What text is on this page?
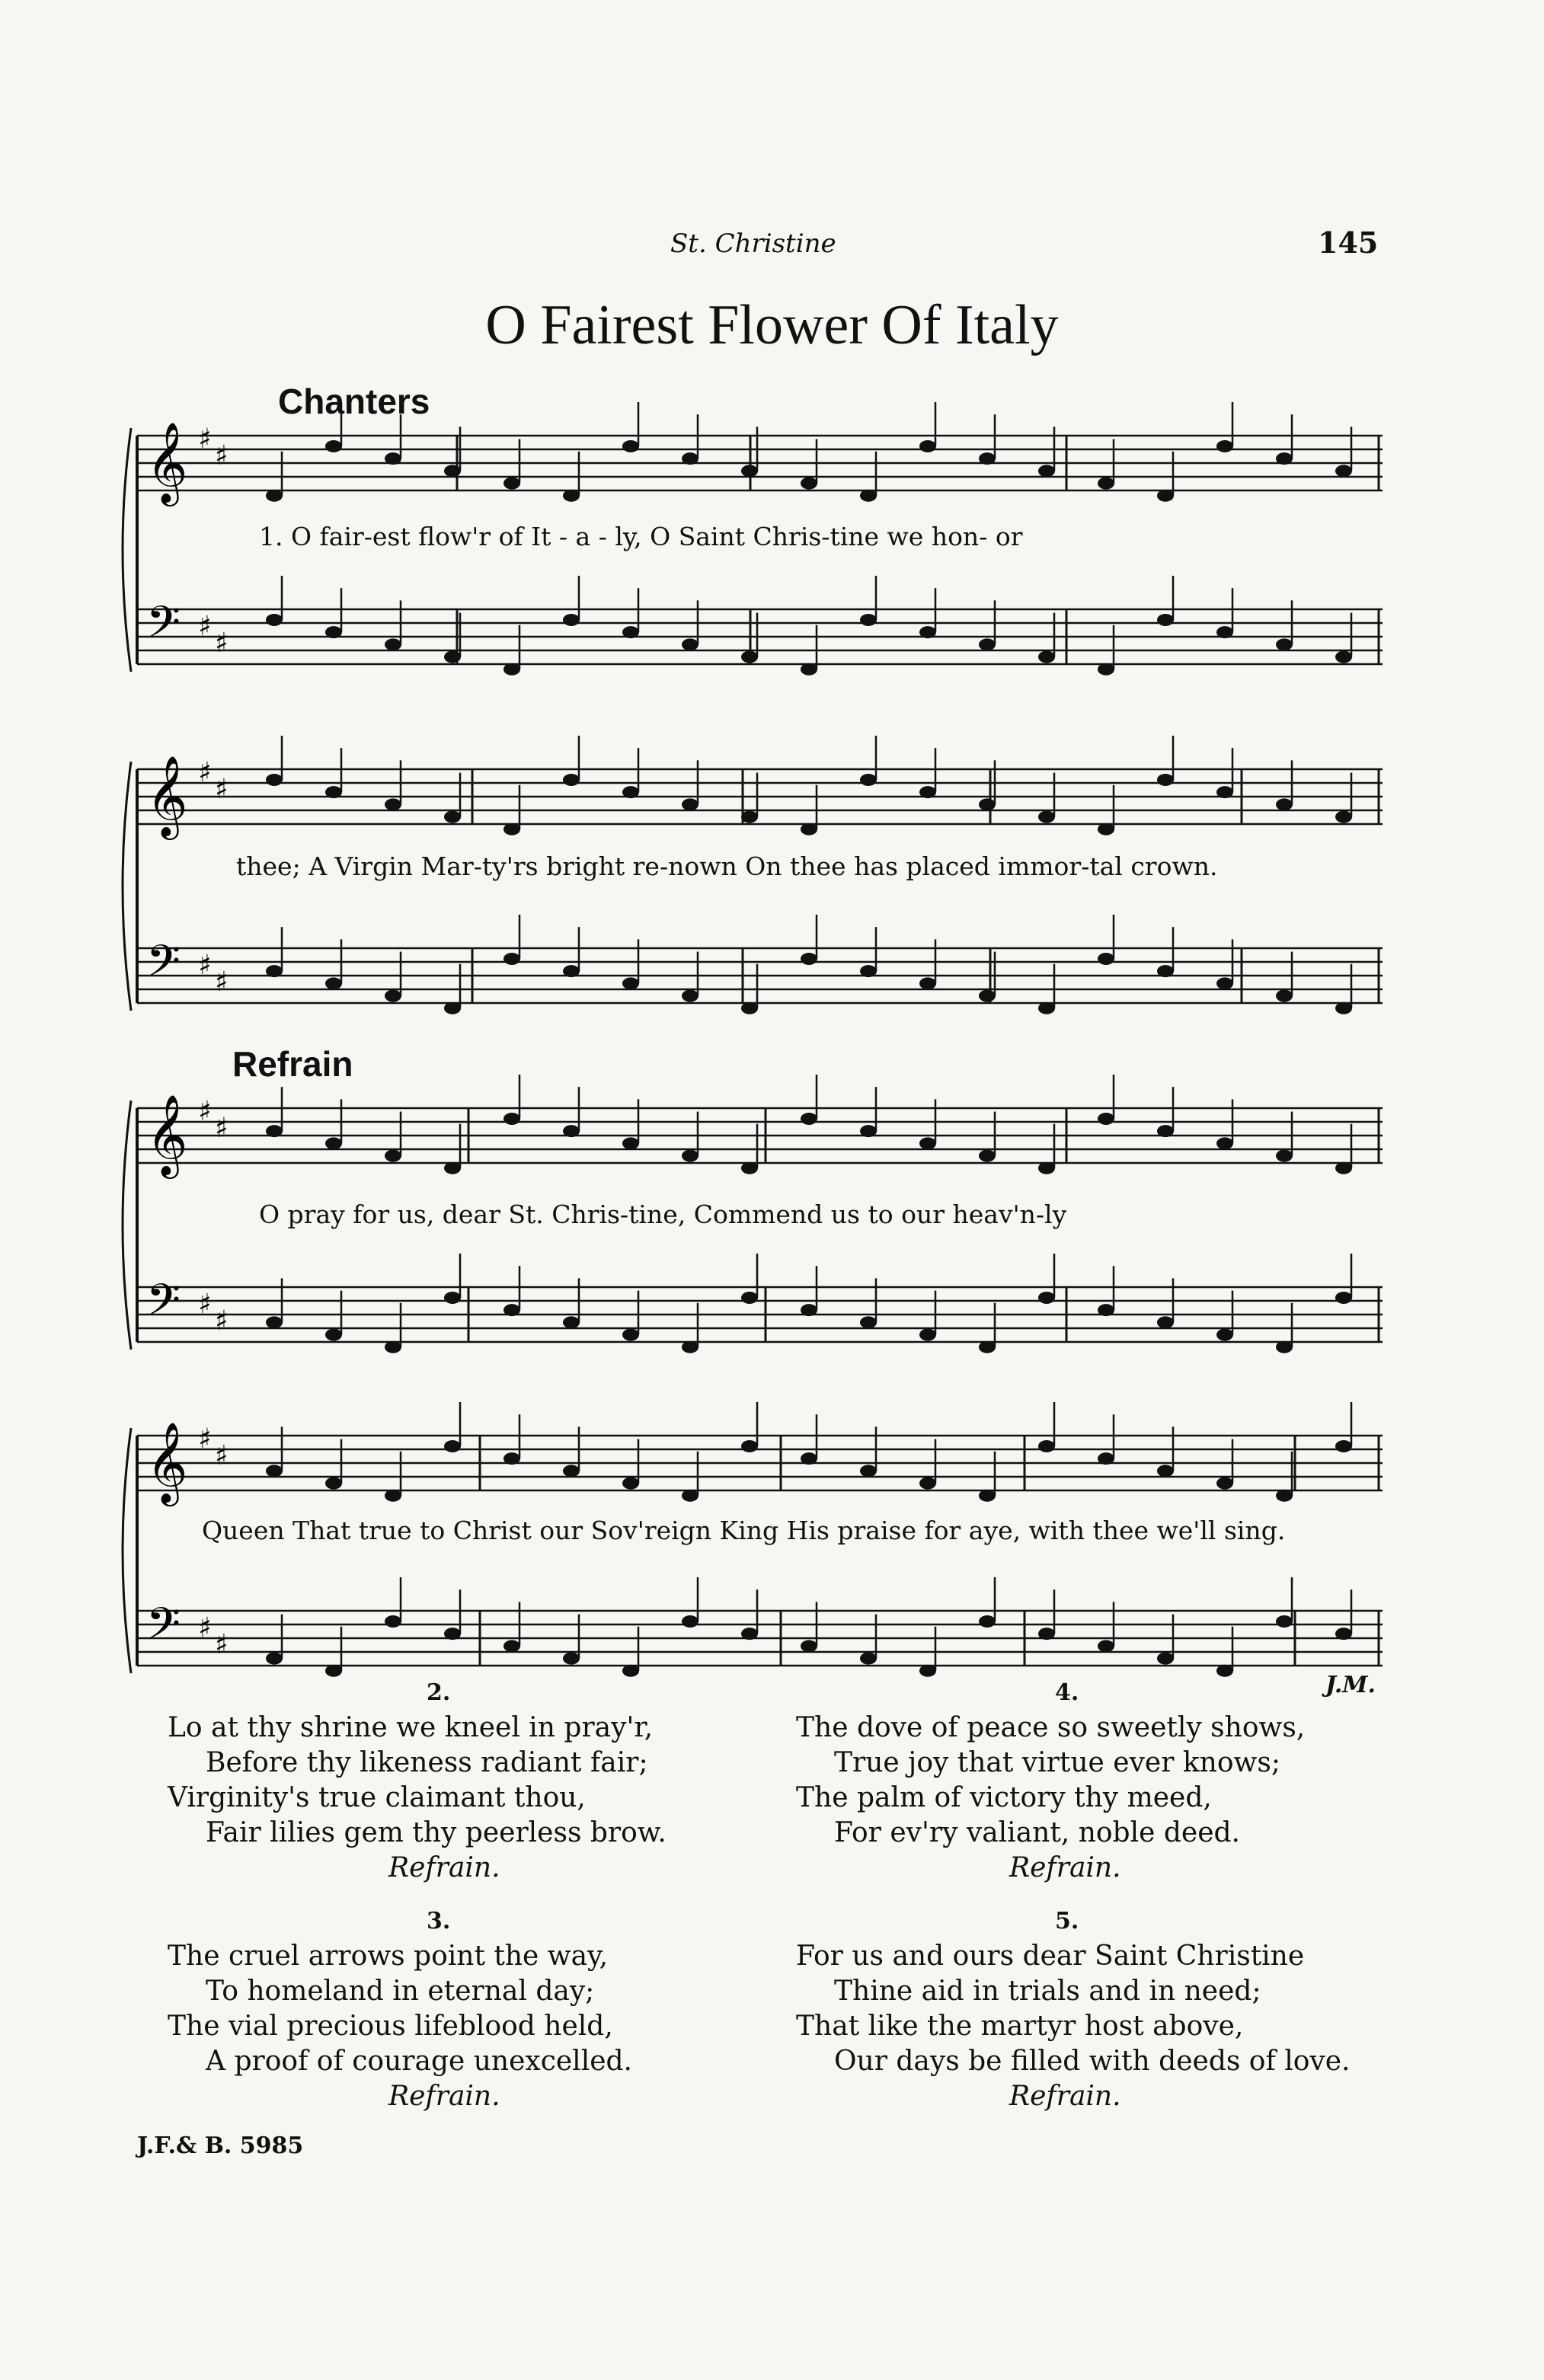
St. Christine	145
O Fairest Flower Of Italy
𝄞 ♯
♯
𝄢 ♯
♯
𝄞 ♯
♯
𝄢 ♯
♯
𝄞 ♯
♯
𝄢 ♯
♯
𝄞 ♯
♯
𝄢 ♯
♯
Chanters
1. O fair-est flow'r of It - a - ly, O Saint Chris-tine we hon- or
thee; A Virgin Mar-ty'rs bright re-nown On thee has placed immor-tal crown.
Refrain
O pray for us, dear St. Chris-tine, Commend us to our heav'n-ly
Queen That true to Christ our Sov'reign King His praise for aye, with thee we'll sing.
J.M.
2.
Lo at thy shrine we kneel in pray'r,
Before thy likeness radiant fair;
Virginity's true claimant thou,
Fair lilies gem thy peerless brow.
Refrain.
3.
The cruel arrows point the way,
To homeland in eternal day;
The vial precious lifeblood held,
A proof of courage unexcelled.
Refrain.
4.
The dove of peace so sweetly shows,
True joy that virtue ever knows;
The palm of victory thy meed,
For ev'ry valiant, noble deed.
Refrain.
5.
For us and ours dear Saint Christine
Thine aid in trials and in need;
That like the martyr host above,
Our days be filled with deeds of love.
Refrain.
J.F.& B. 5985
